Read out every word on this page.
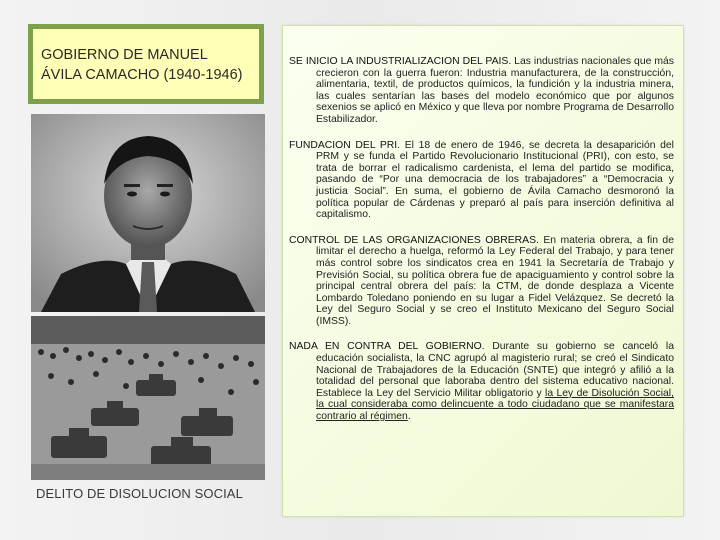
GOBIERNO DE MANUEL
ÁVILA CAMACHO (1940-1946)
DELITO DE DISOLUCION SOCIAL
SE INICIO LA INDUSTRIALIZACION DEL PAIS. Las industrias nacionales que más crecieron con la guerra fueron: Industria manufacturera, de la construcción, alimentaria, textil, de productos químicos, la fundición y la industria minera, las cuales sentarían las bases del modelo económico que por algunos sexenios se aplicó en México y que lleva por nombre Programa de Desarrollo Estabilizador.
FUNDACION DEL PRI. El 18 de enero de 1946, se decreta la desaparición del PRM y se funda el Partido Revolucionario Institucional (PRI), con esto, se trata de borrar el radicalismo cardenista, el lema del partido se modifica, pasando de “Por una democracia de los trabajadores” a “Democracia y justicia Social”. En suma, el gobierno de Ávila Camacho desmoronó la política popular de Cárdenas y preparó al país para inserción definitiva al capitalismo.
CONTROL DE LAS ORGANIZACIONES OBRERAS. En materia obrera, a fin de limitar el derecho a huelga, reformó la Ley Federal del Trabajo, y para tener más control sobre los sindicatos crea en 1941 la Secretaría de Trabajo y Previsión Social, su política obrera fue de apaciguamiento y control sobre la principal central obrera del país: la CTM, de donde desplaza a Vicente Lombardo Toledano poniendo en su lugar a Fidel Velázquez. Se decretó la Ley del Seguro Social y se creo el Instituto Mexicano del Seguro Social (IMSS).
NADA EN CONTRA DEL GOBIERNO. Durante su gobierno se canceló la educación socialista, la CNC agrupó al magisterio rural; se creó el Sindicato Nacional de Trabajadores de la Educación (SNTE) que integró y afilió a la totalidad del personal que laboraba dentro del sistema educativo nacional. Establece la Ley del Servicio Militar obligatorio y la Ley de Disolución Social, la cual consideraba como delincuente a todo ciudadano que se manifestara contrario al régimen.
